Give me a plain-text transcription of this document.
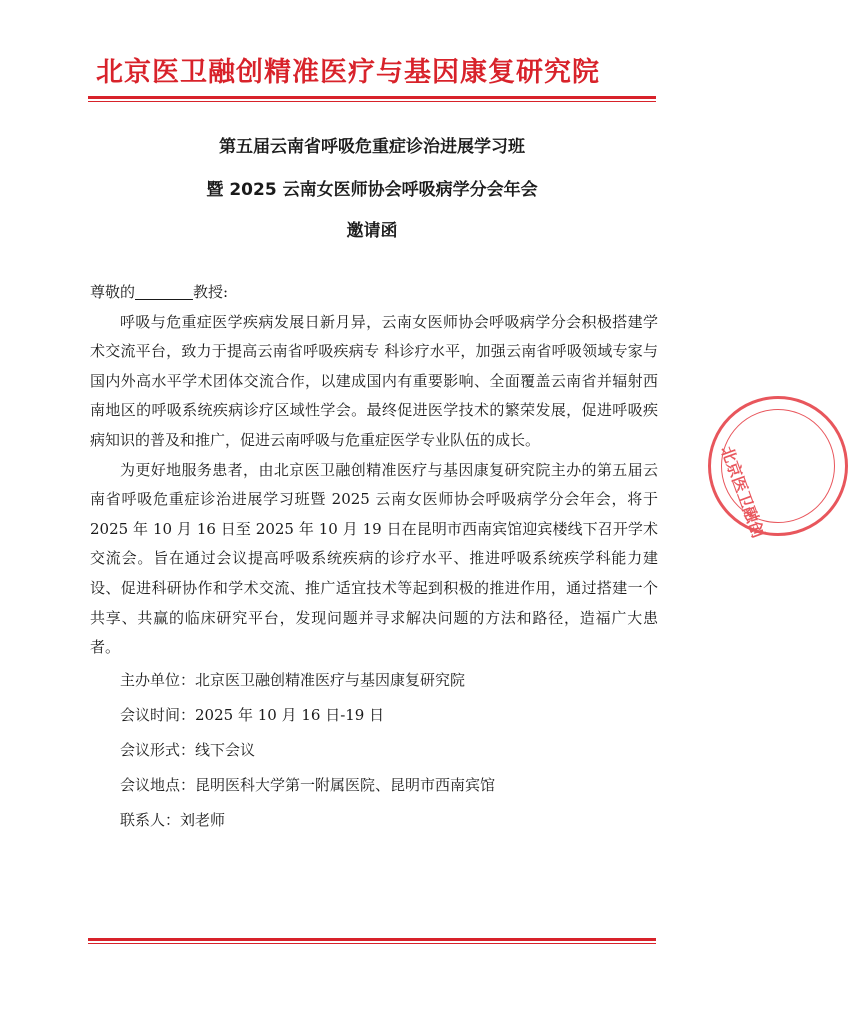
北京医卫融创精准医疗与基因康复研究院
第五届云南省呼吸危重症诊治进展学习班
暨 2025 云南女医师协会呼吸病学分会年会
邀请函

尊敬的	教授:

呼吸与危重症医学疾病发展日新月异，云南女医师协会呼吸病学分会积极搭建学术交流平台，致力于提高云南省呼吸疾病专 科诊疗水平，加强云南省呼吸领域专家与国内外高水平学术团体交流合作，以建成国内有重要影响、全面覆盖云南省并辐射西南地区的呼吸系统疾病诊疗区域性学会。最终促进医学技术的繁荣发展，促进呼吸疾病知识的普及和推广，促进云南呼吸与危重症医学专业队伍的成长。

为更好地服务患者，由北京医卫融创精准医疗与基因康复研究院主办的第五届云南省呼吸危重症诊治进展学习班暨 2025 云南女医师协会呼吸病学分会年会，将于 2025 年 10 月 16 日至 2025 年 10 月 19 日在昆明市西南宾馆迎宾楼线下召开学术交流会。旨在通过会议提高呼吸系统疾病的诊疗水平、推进呼吸系统疾学科能力建设、促进科研协作和学术交流、推广适宜技术等起到积极的推进作用，通过搭建一个共享、共赢的临床研究平台，发现问题并寻求解决问题的方法和路径，造福广大患者。

主办单位：北京医卫融创精准医疗与基因康复研究院
会议时间：2025 年 10 月 16 日-19 日
会议形式：线下会议
会议地点：昆明医科大学第一附属医院、昆明市西南宾馆
联系人：刘老师
北京医卫融创
